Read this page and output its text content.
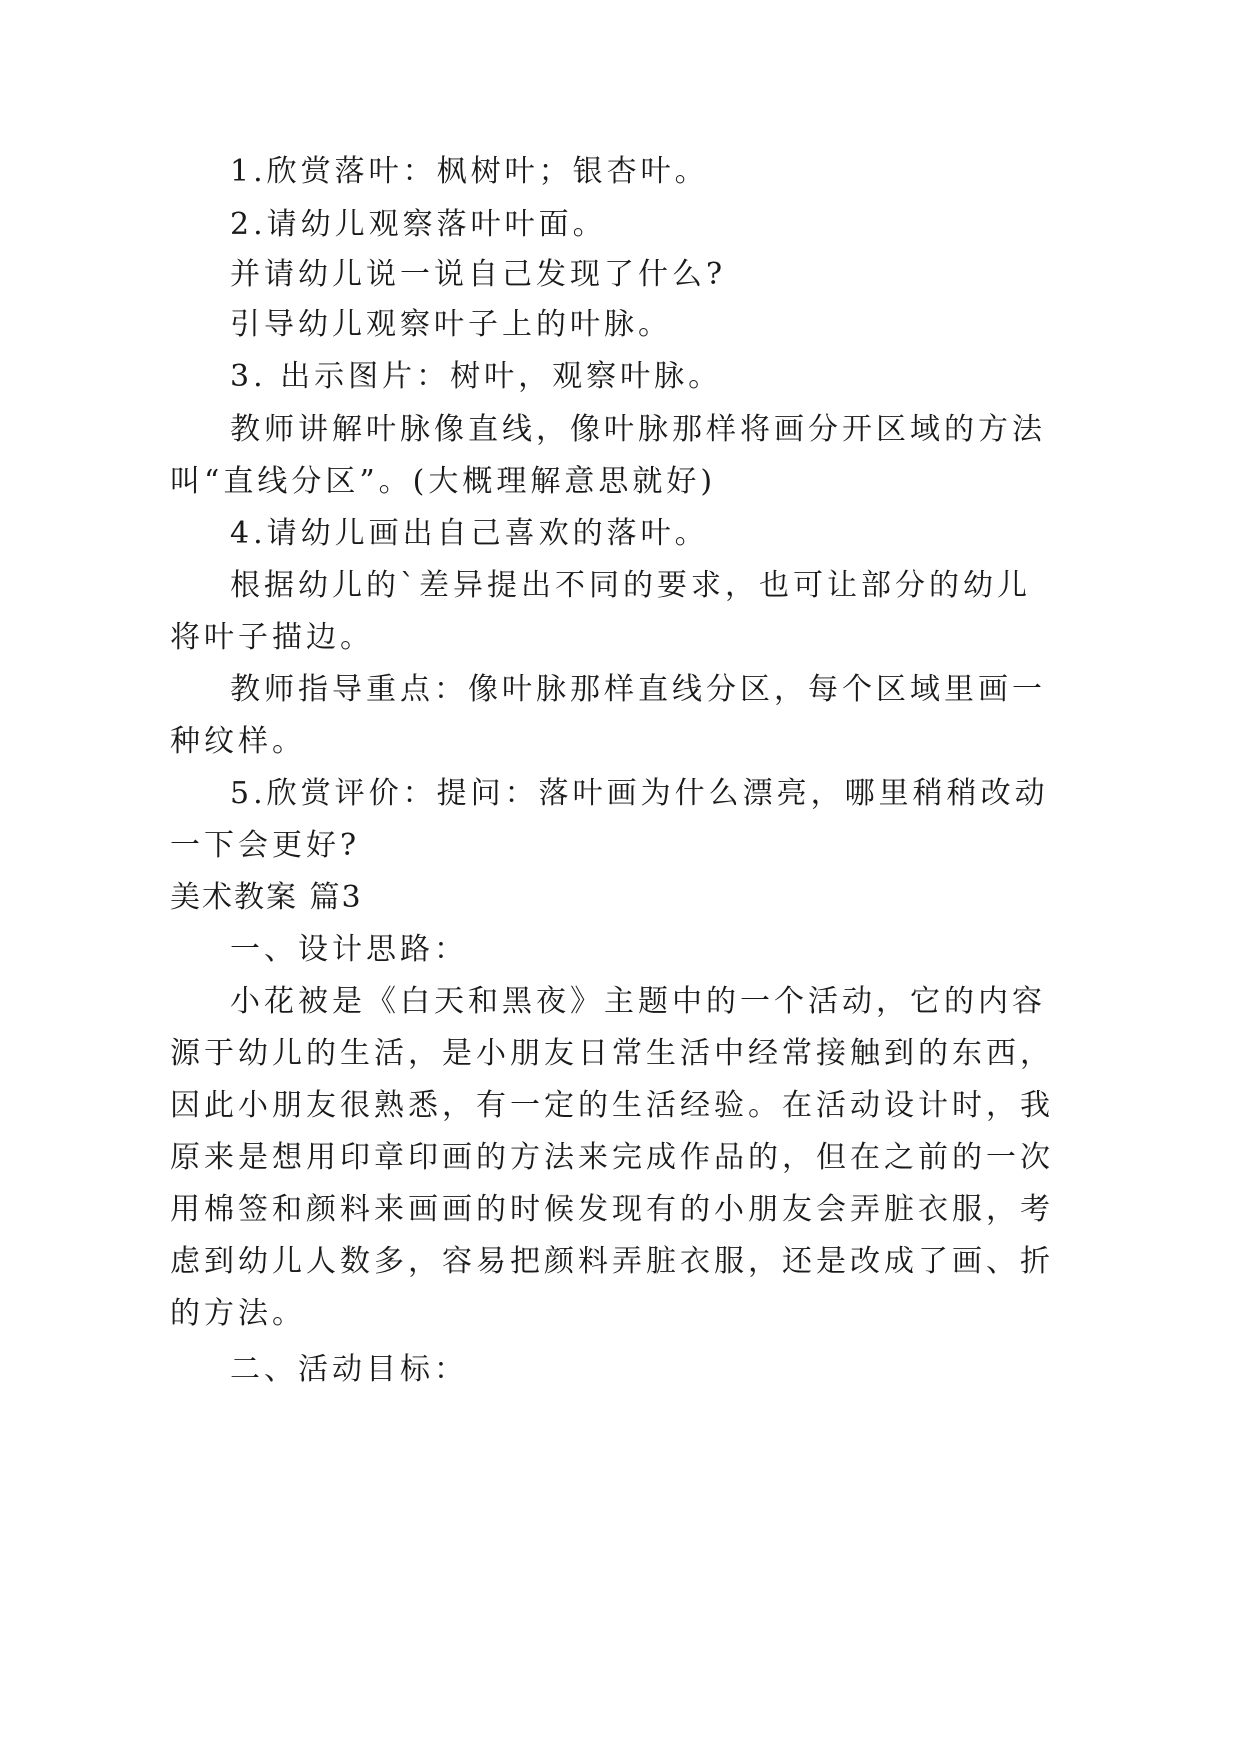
1.欣赏落叶：枫树叶；银杏叶。
2.请幼儿观察落叶叶面。
并请幼儿说一说自己发现了什么?
引导幼儿观察叶子上的叶脉。
3. 出示图片：树叶，观察叶脉。
教师讲解叶脉像直线，像叶脉那样将画分开区域的方法
叫“直线分区”。(大概理解意思就好)
4.请幼儿画出自己喜欢的落叶。
根据幼儿的`差异提出不同的要求，也可让部分的幼儿
将叶子描边。
教师指导重点：像叶脉那样直线分区，每个区域里画一
种纹样。
5.欣赏评价：提问：落叶画为什么漂亮，哪里稍稍改动
一下会更好?
美术教案 篇3
一、设计思路：
小花被是《白天和黑夜》主题中的一个活动，它的内容
源于幼儿的生活，是小朋友日常生活中经常接触到的东西，
因此小朋友很熟悉，有一定的生活经验。在活动设计时，我
原来是想用印章印画的方法来完成作品的，但在之前的一次
用棉签和颜料来画画的时候发现有的小朋友会弄脏衣服，考
虑到幼儿人数多，容易把颜料弄脏衣服，还是改成了画、折
的方法。
二、活动目标：
